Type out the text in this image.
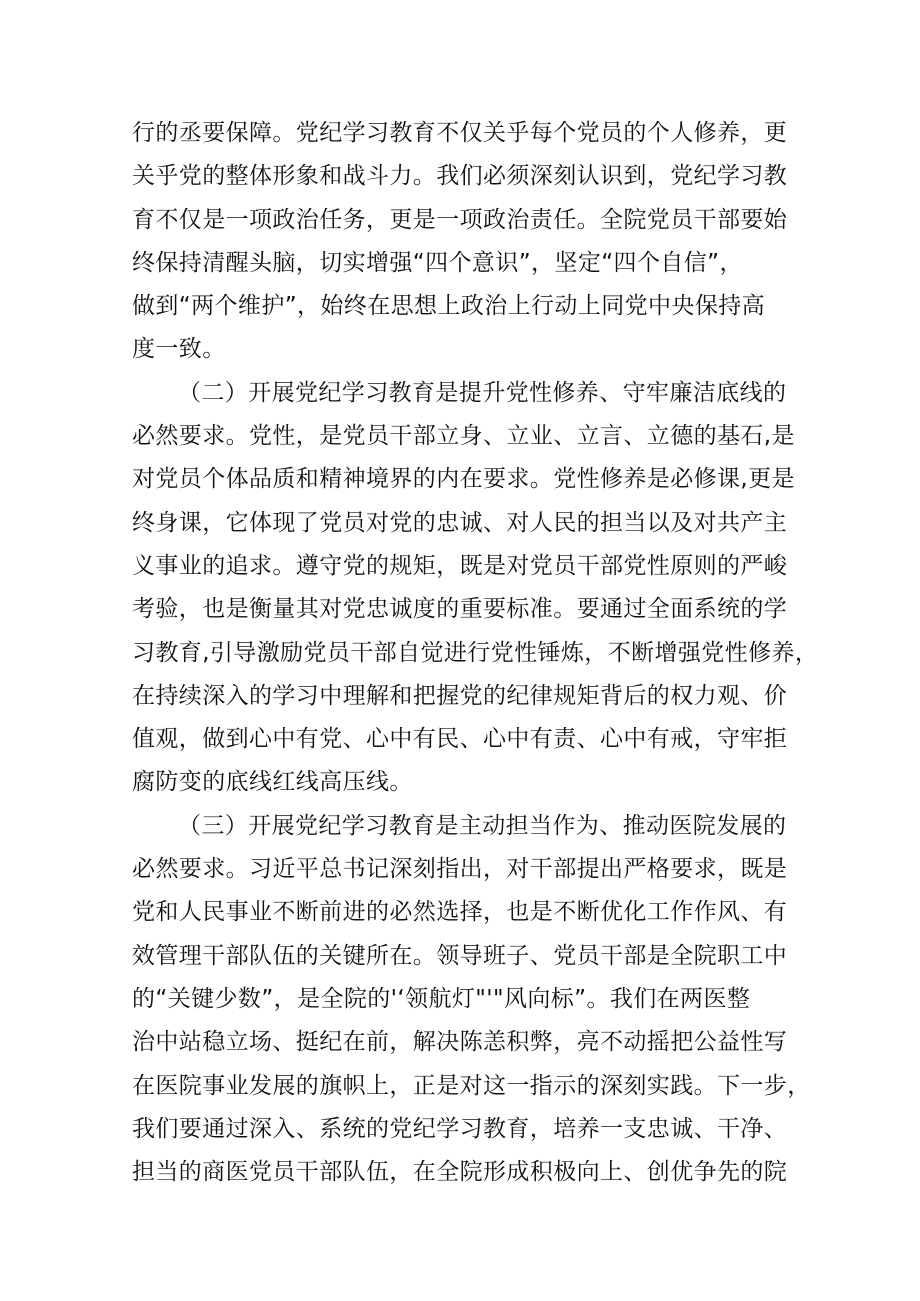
行的丞要保障。党纪学习教育不仅关乎每个党员的个人修养，更
关乎党的整体形象和战斗力。我们必须深刻认识到，党纪学习教
育不仅是一项政治任务，更是一项政治责任。全院党员干部要始
终保持清醒头脑，切实增强“四个意识”，坚定“四个自信”，
做到“两个维护”，始终在思想上政治上行动上同党中央保持高
度一致。
（二）开展党纪学习教育是提升党性修养、守牢廉洁底线的
必然要求。党性，是党员干部立身、立业、立言、立德的基石,是
对党员个体品质和精神境界的内在要求。党性修养是必修课,更是
终身课，它体现了党员对党的忠诚、对人民的担当以及对共产主
义事业的追求。遵守党的规矩，既是对党员干部党性原则的严峻
考验，也是衡量其对党忠诚度的重要标准。要通过全面系统的学
习教育,引导激励党员干部自觉进行党性锤炼，不断增强党性修养，
在持续深入的学习中理解和把握党的纪律规矩背后的权力观、价
值观，做到心中有党、心中有民、心中有责、心中有戒，守牢拒
腐防变的底线红线高压线。
（三）开展党纪学习教育是主动担当作为、推动医院发展的
必然要求。习近平总书记深刻指出，对干部提出严格要求，既是
党和人民事业不断前进的必然选择，也是不断优化工作作风、有
效管理干部队伍的关键所在。领导班子、党员干部是全院职工中
的“关键少数”，是全院的'‘领航灯"'"风向标”。我们在两医整
治中站稳立场、挺纪在前，解决陈恙积弊，亮不动摇把公益性写
在医院事业发展的旗帜上，正是对这一指示的深刻实践。下一步，
我们要通过深入、系统的党纪学习教育，培养一支忠诚、干净、
担当的商医党员干部队伍，在全院形成积极向上、创优争先的院
